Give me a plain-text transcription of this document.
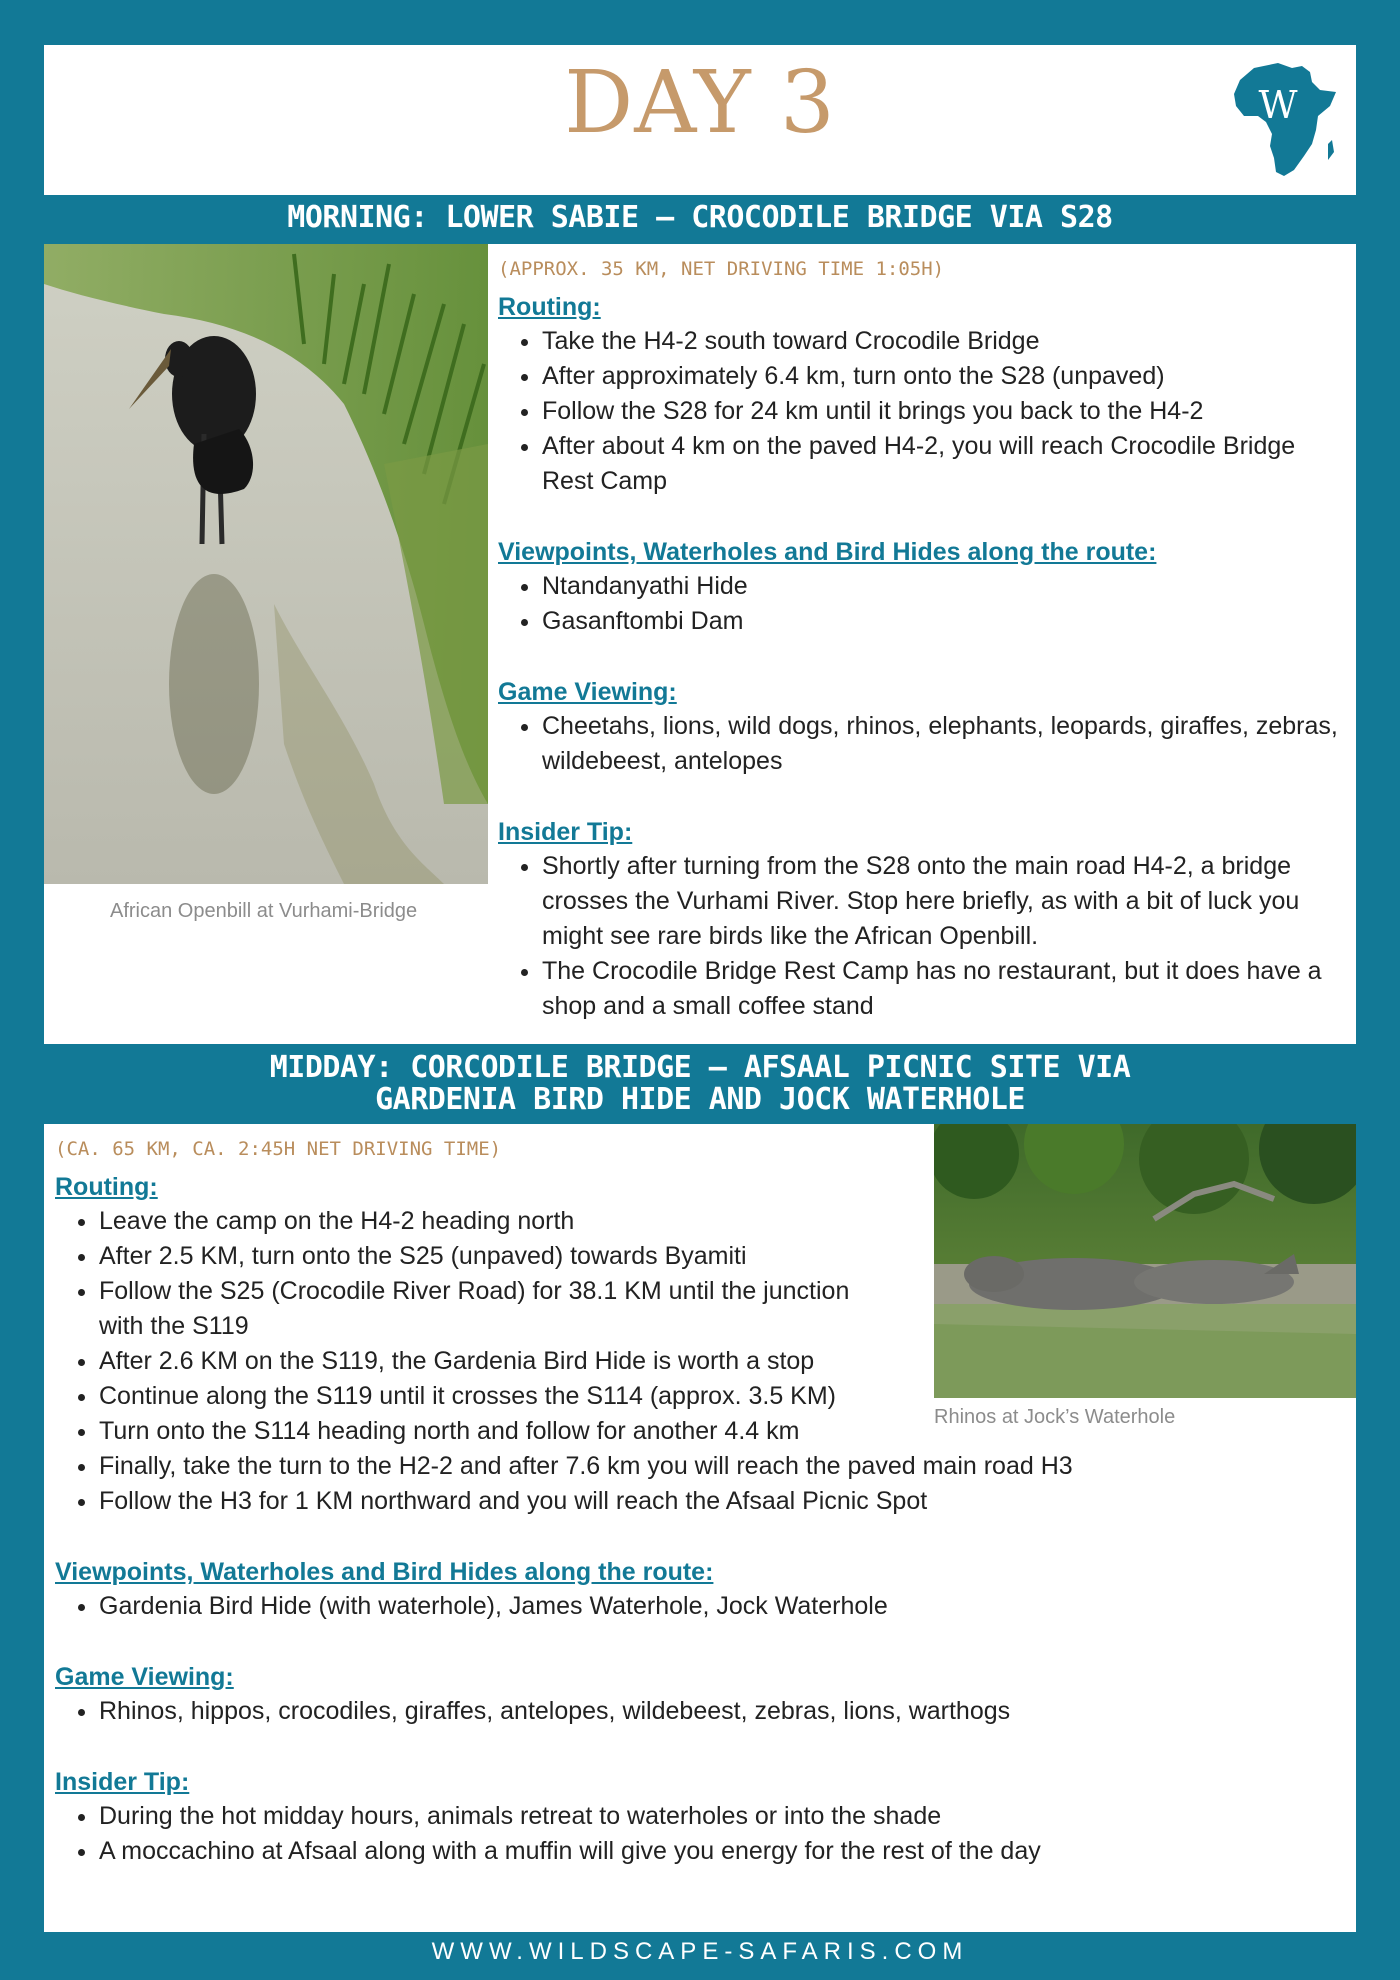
DAY 3	W
MORNING: LOWER SABIE – CROCODILE BRIDGE VIA S28
African Openbill at Vurhami-Bridge

(APPROX. 35 KM, NET DRIVING TIME 1:05H)

Routing:

• Take the H4-2 south toward Crocodile Bridge
• After approximately 6.4 km, turn onto the S28 (unpaved)
• Follow the S28 for 24 km until it brings you back to the H4-2
• After about 4 km on the paved H4-2, you will reach Crocodile Bridge Rest Camp

Viewpoints, Waterholes and Bird Hides along the route:

• Ntandanyathi Hide
• Gasanftombi Dam

Game Viewing:

• Cheetahs, lions, wild dogs, rhinos, elephants, leopards, giraffes, zebras, wildebeest, antelopes

Insider Tip:

• Shortly after turning from the S28 onto the main road H4-2, a bridge crosses the Vurhami River. Stop here briefly, as with a bit of luck you might see rare birds like the African Openbill.
• The Crocodile Bridge Rest Camp has no restaurant, but it does have a shop and a small coffee stand
MIDDAY: CORCODILE BRIDGE – AFSAAL PICNIC SITE VIA
GARDENIA BIRD HIDE AND JOCK WATERHOLE
Rhinos at Jock’s Waterhole

(CA. 65 KM, CA. 2:45H NET DRIVING TIME)

Routing:

• Leave the camp on the H4-2 heading north
• After 2.5 KM, turn onto the S25 (unpaved) towards Byamiti
• Follow the S25 (Crocodile River Road) for 38.1 KM until the junction with the S119
• After 2.6 KM on the S119, the Gardenia Bird Hide is worth a stop
• Continue along the S119 until it crosses the S114 (approx. 3.5 KM)
• Turn onto the S114 heading north and follow for another 4.4 km
• Finally, take the turn to the H2-2 and after 7.6 km you will reach the paved main road H3
• Follow the H3 for 1 KM northward and you will reach the Afsaal Picnic Spot

Viewpoints, Waterholes and Bird Hides along the route:

• Gardenia Bird Hide (with waterhole), James Waterhole, Jock Waterhole

Game Viewing:

• Rhinos, hippos, crocodiles, giraffes, antelopes, wildebeest, zebras, lions, warthogs

Insider Tip:

• During the hot midday hours, animals retreat to waterholes or into the shade
• A moccachino at Afsaal along with a muffin will give you energy for the rest of the day
WWW.WILDSCAPE-SAFARIS.COM
